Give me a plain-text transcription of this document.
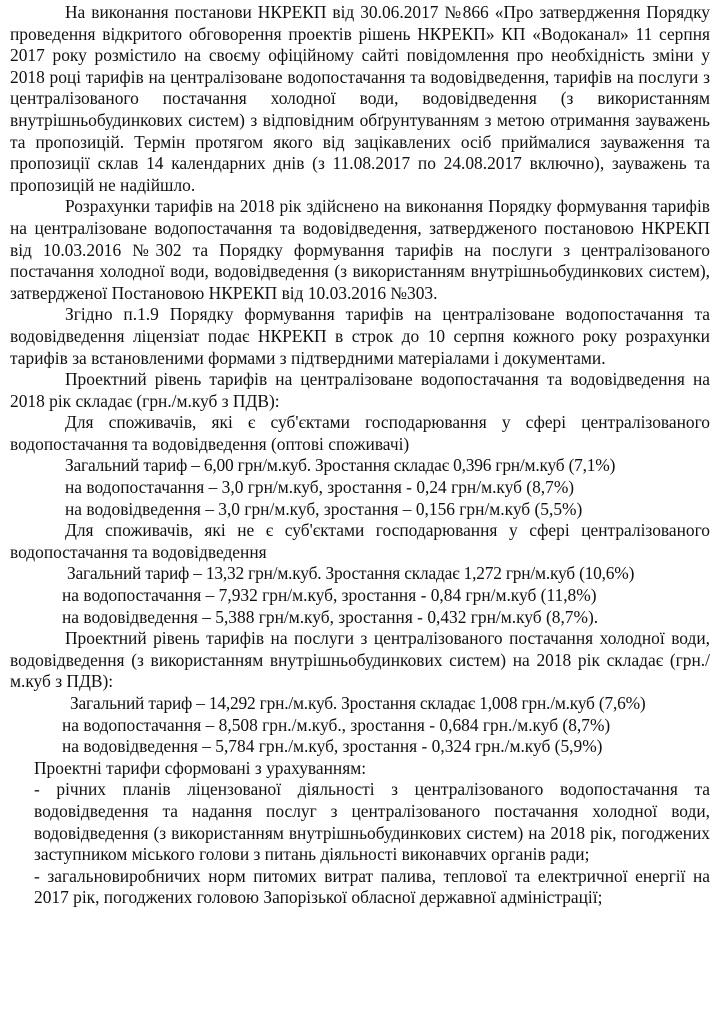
На виконання постанови НКРЕКП від 30.06.2017 №866 «Про затвердження Порядку проведення відкритого обговорення проектів рішень НКРЕКП» КП «Водоканал» 11 серпня 2017 року розмістило на своєму офіційному сайті повідомлення про необхідність зміни у 2018 році тарифів на централізоване водопостачання та водовідведення, тарифів на послуги з централізованого постачання холодної води, водовідведення (з використанням внутрішньобудинкових систем) з відповідним обґрунтуванням з метою отримання зауважень та пропозицій. Термін протягом якого від зацікавлених осіб приймалися зауваження та пропозиції склав 14 календарних днів (з 11.08.2017 по 24.08.2017 включно), зауважень та пропозицій не надійшло.

Розрахунки тарифів на 2018 рік здійснено на виконання Порядку формування тарифів на централізоване водопостачання та водовідведення, затвердженого постановою НКРЕКП від 10.03.2016 №302 та Порядку формування тарифів на послуги з централізованого постачання холодної води, водовідведення (з використанням внутрішньобудинкових систем), затвердженої Постановою НКРЕКП від 10.03.2016 №303.

Згідно п.1.9 Порядку формування тарифів на централізоване водопостачання та водовідведення ліцензіат подає НКРЕКП в строк до 10 серпня кожного року розрахунки тарифів за встановленими формами з підтвердними матеріалами і документами.

Проектний рівень тарифів на централізоване водопостачання та водовідведення на 2018 рік складає (грн./м.куб з ПДВ):

Для споживачів, які є суб'єктами господарювання у сфері централізованого водопостачання та водовідведення (оптові споживачі)

Загальний тариф – 6,00 грн/м.куб. Зростання складає 0,396 грн/м.куб (7,1%)

на водопостачання – 3,0 грн/м.куб, зростання - 0,24 грн/м.куб (8,7%)

на водовідведення – 3,0 грн/м.куб, зростання – 0,156 грн/м.куб (5,5%)

Для споживачів, які не є суб'єктами господарювання у сфері централізованого водопостачання та водовідведення

Загальний тариф – 13,32 грн/м.куб. Зростання складає 1,272 грн/м.куб (10,6%)

на водопостачання – 7,932 грн/м.куб, зростання - 0,84 грн/м.куб (11,8%)

на водовідведення – 5,388 грн/м.куб, зростання - 0,432 грн/м.куб (8,7%).

Проектний рівень тарифів на послуги з централізованого постачання холодної води, водовідведення (з використанням внутрішньобудинкових систем) на 2018 рік складає (грн./м.куб з ПДВ):

Загальний тариф – 14,292 грн./м.куб. Зростання складає 1,008 грн./м.куб (7,6%)

на водопостачання – 8,508 грн./м.куб., зростання - 0,684 грн./м.куб (8,7%)

на водовідведення – 5,784 грн./м.куб, зростання - 0,324 грн./м.куб (5,9%)

Проектні тарифи сформовані з урахуванням:

- річних планів ліцензованої діяльності з централізованого водопостачання та водовідведення та надання послуг з централізованого постачання холодної води, водовідведення (з використанням внутрішньобудинкових систем) на 2018 рік, погоджених заступником міського голови з питань діяльності виконавчих органів ради;

- загальновиробничих норм питомих витрат палива, теплової та електричної енергії на 2017 рік, погоджених головою Запорізької обласної державної адміністрації;
